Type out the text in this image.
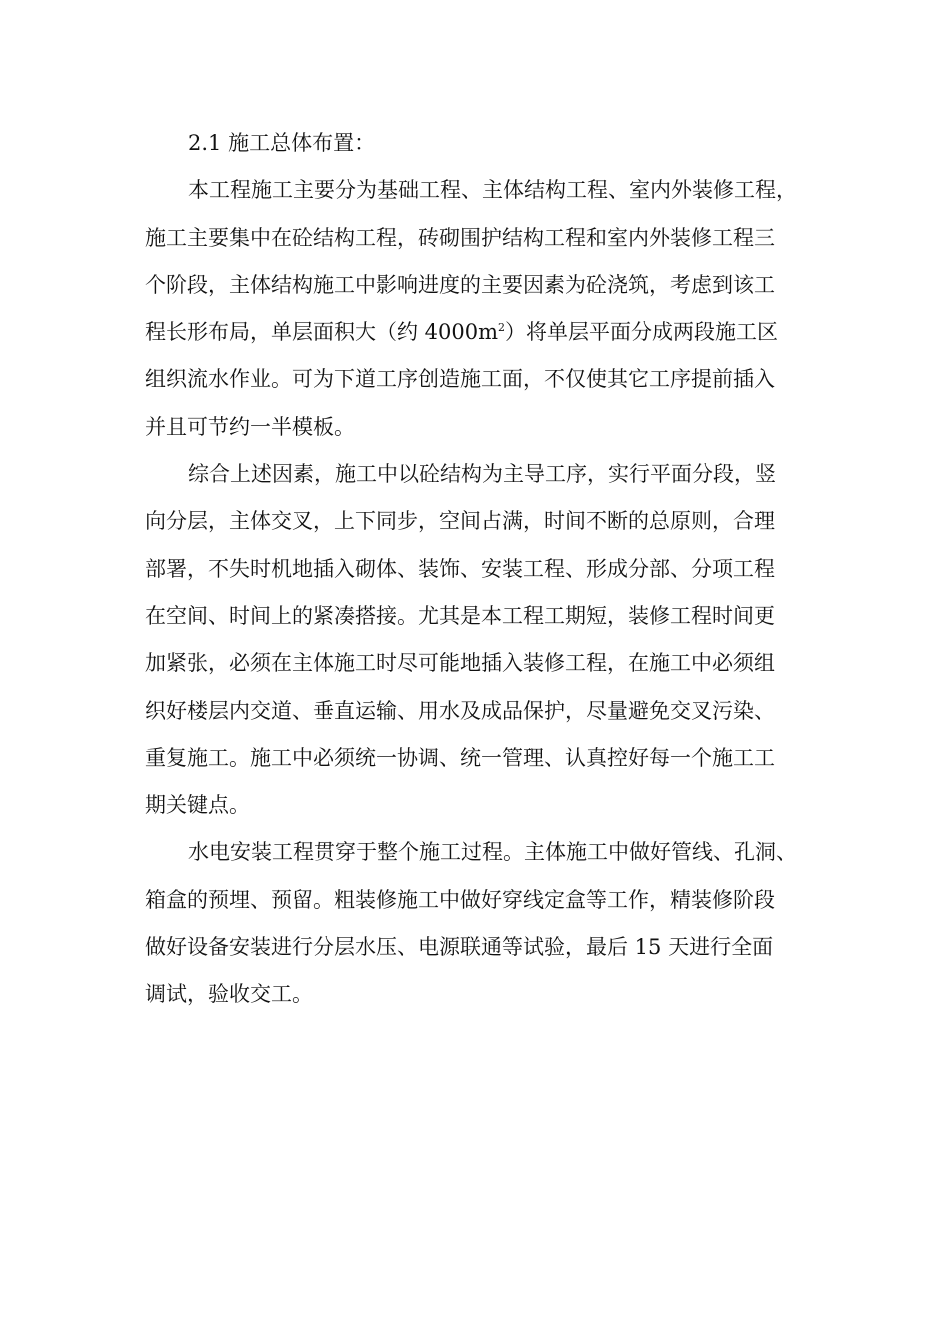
2.1 施工总体布置：

本工程施工主要分为基础工程、主体结构工程、室内外装修工程，
施工主要集中在砼结构工程，砖砌围护结构工程和室内外装修工程三
个阶段，主体结构施工中影响进度的主要因素为砼浇筑，考虑到该工
程长形布局，单层面积大（约 $4000m^2$）将单层平面分成两段施工区
组织流水作业。可为下道工序创造施工面，不仅使其它工序提前插入
并且可节约一半模板。

综合上述因素，施工中以砼结构为主导工序，实行平面分段，竖
向分层，主体交叉，上下同步，空间占满，时间不断的总原则，合理
部署，不失时机地插入砌体、装饰、安装工程、形成分部、分项工程
在空间、时间上的紧凑搭接。尤其是本工程工期短，装修工程时间更
加紧张，必须在主体施工时尽可能地插入装修工程，在施工中必须组
织好楼层内交道、垂直运输、用水及成品保护，尽量避免交叉污染、
重复施工。施工中必须统一协调、统一管理、认真控好每一个施工工
期关键点。

水电安装工程贯穿于整个施工过程。主体施工中做好管线、孔洞、
箱盒的预埋、预留。粗装修施工中做好穿线定盒等工作，精装修阶段
做好设备安装进行分层水压、电源联通等试验，最后 15 天进行全面
调试，验收交工。
